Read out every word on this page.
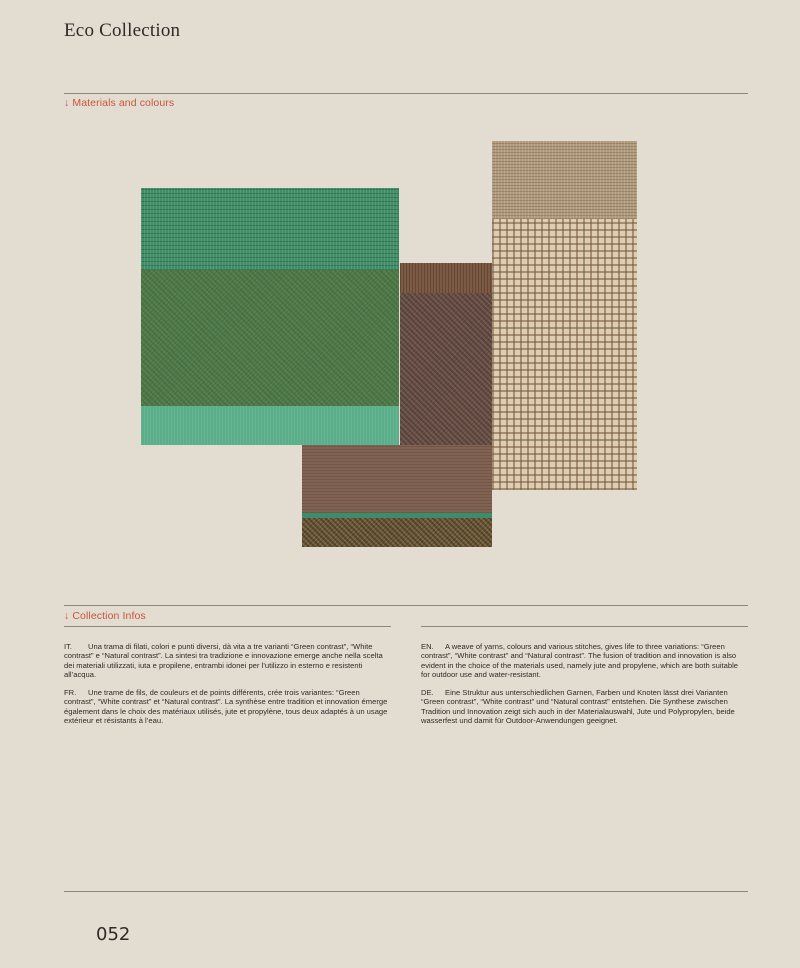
Eco Collection
↓ Materials and colours
↓ Collection Infos

IT. Una trama di filati, colori e punti diversi, dà vita a tre varianti “Green contrast”, “White contrast” e “Natural contrast”. La sintesi tra tradizione e innovazione emerge anche nella scelta dei materiali utilizzati, iuta e propilene, entrambi idonei per l’utilizzo in esterno e resistenti all’acqua.

FR. Une trame de fils, de couleurs et de points différents, crée trois variantes: “Green contrast”, “White contrast” et “Natural contrast”. La synthèse entre tradition et innovation émerge également dans le choix des matériaux utilisés, jute et propylène, tous deux adaptés à un usage extérieur et résistants à l’eau.

EN. A weave of yarns, colours and various stitches, gives life to three variations: “Green contrast”, “White contrast” and “Natural contrast”. The fusion of tradition and innovation is also evident in the choice of the materials used, namely jute and propylene, which are both suitable for outdoor use and water-resistant.

DE. Eine Struktur aus unterschiedlichen Garnen, Farben und Knoten lässt drei Varianten “Green contrast”, “White contrast” und “Natural contrast” entstehen. Die Synthese zwischen Tradition und Innovation zeigt sich auch in der Materialauswahl, Jute und Polypropylen, beide wasserfest und damit für Outdoor-Anwendungen geeignet.

052
